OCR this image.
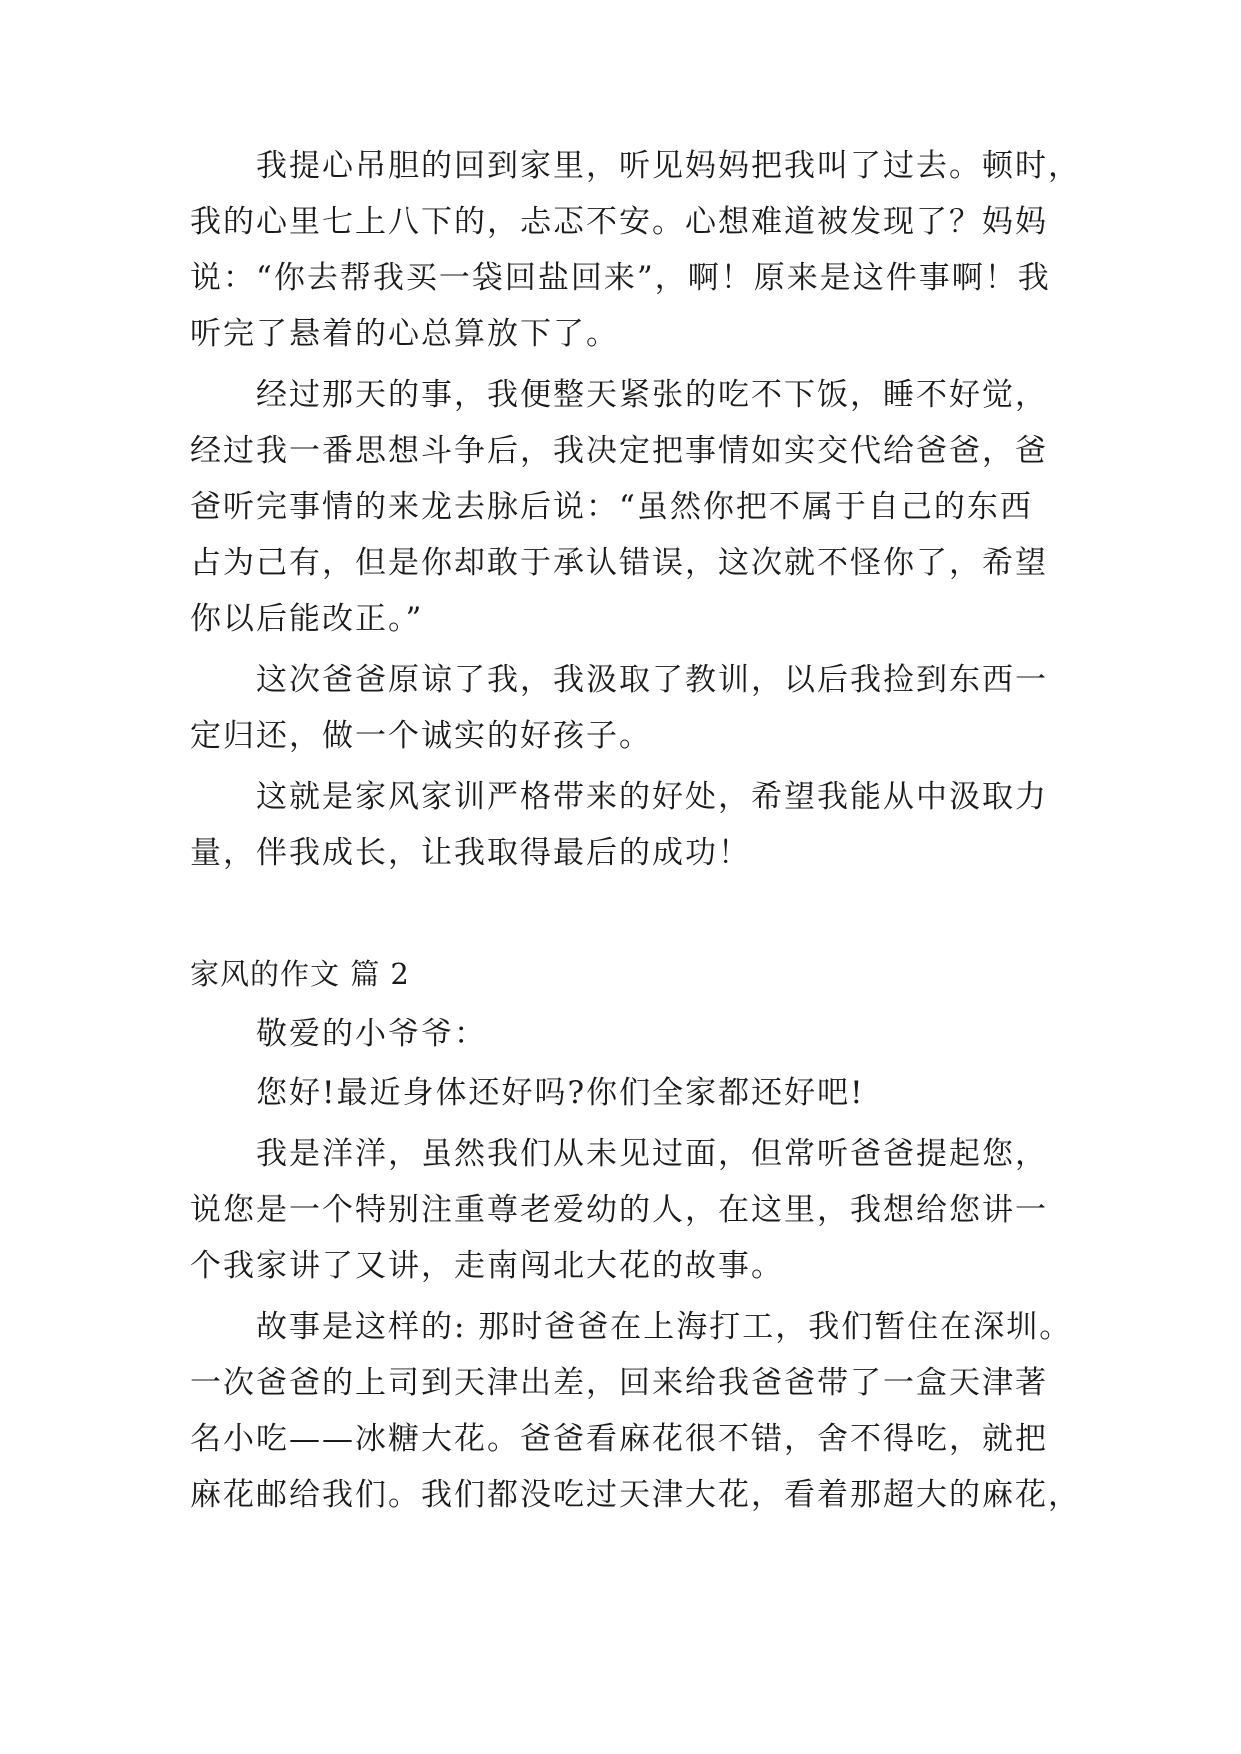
我提心吊胆的回到家里，听见妈妈把我叫了过去。顿时，

我的心里七上八下的，忐忑不安。心想难道被发现了？妈妈

说：“你去帮我买一袋回盐回来”，啊！原来是这件事啊！我

听完了悬着的心总算放下了。

经过那天的事，我便整天紧张的吃不下饭，睡不好觉，

经过我一番思想斗争后，我决定把事情如实交代给爸爸，爸

爸听完事情的来龙去脉后说：“虽然你把不属于自己的东西

占为己有，但是你却敢于承认错误，这次就不怪你了，希望

你以后能改正。”

这次爸爸原谅了我，我汲取了教训，以后我捡到东西一

定归还，做一个诚实的好孩子。

这就是家风家训严格带来的好处，希望我能从中汲取力

量，伴我成长，让我取得最后的成功！

家风的作文 篇 2

敬爱的小爷爷：

您好!最近身体还好吗?你们全家都还好吧!

我是洋洋，虽然我们从未见过面，但常听爸爸提起您，

说您是一个特别注重尊老爱幼的人，在这里，我想给您讲一

个我家讲了又讲，走南闯北大花的故事。

故事是这样的: 那时爸爸在上海打工，我们暂住在深圳。

一次爸爸的上司到天津出差，回来给我爸爸带了一盒天津著

名小吃——冰糖大花。爸爸看麻花很不错，舍不得吃，就把

麻花邮给我们。我们都没吃过天津大花，看着那超大的麻花，
